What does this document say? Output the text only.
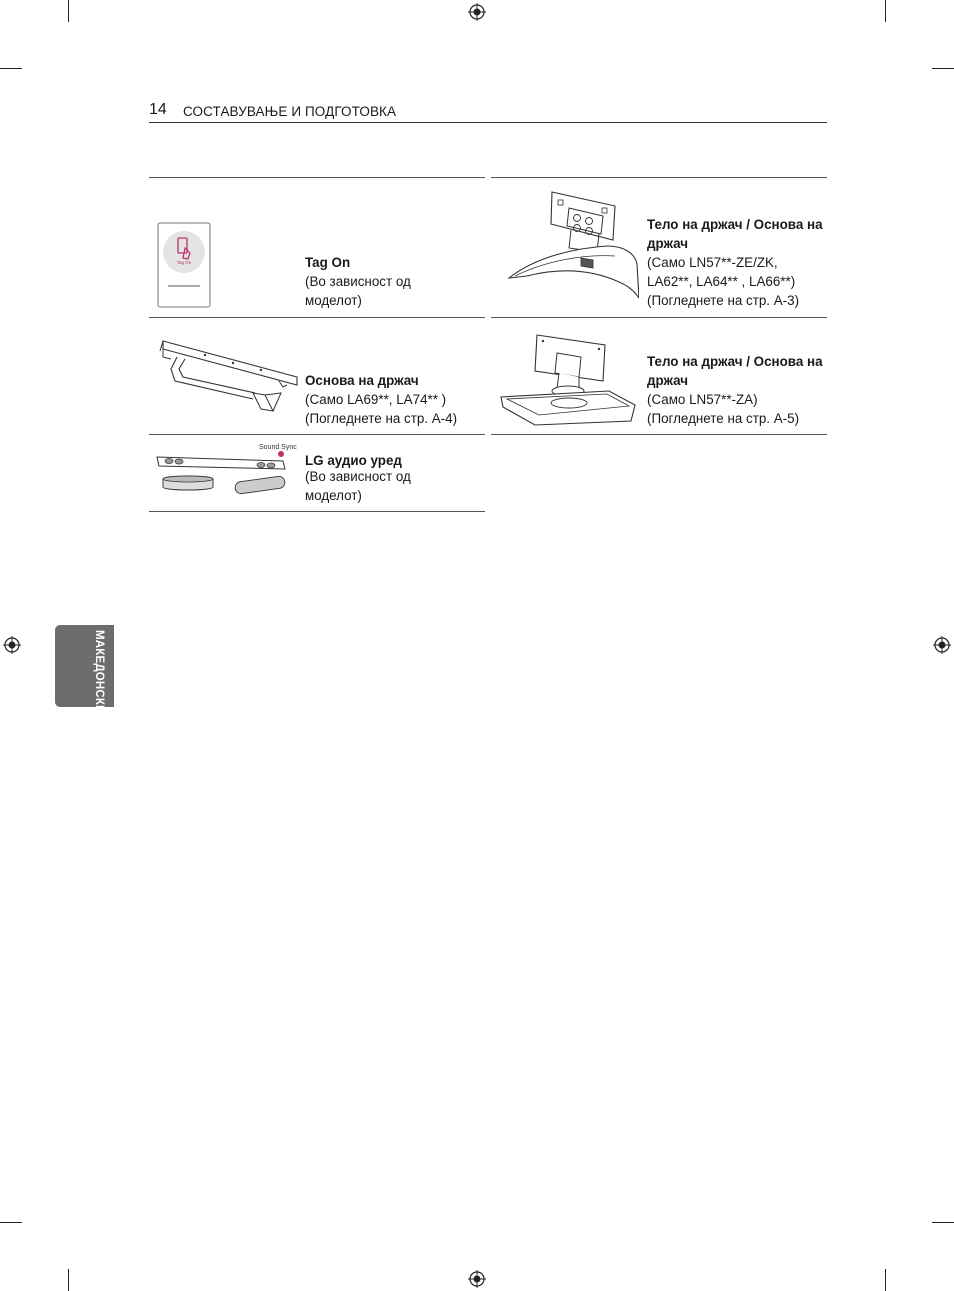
14 СОСТАВУВАЊЕ И ПОДГОТОВКА
Tag On	Tag On
(Во зависност од
моделот)
Тело на држач / Основа на држач
(Само LN57**-ZE/ZK,
LA62**, LA64** , LA66**)
(Погледнете на стр. А-3)
Основа на држач
(Само LA69**, LA74** )
(Погледнете на стр. А-4)
Тело на држач / Основа на држач
(Само LN57**-ZA)
(Погледнете на стр. А-5)
Sound Sync
LG аудио уред
(Во зависност од
моделот)
МАКЕДОНСКИ
